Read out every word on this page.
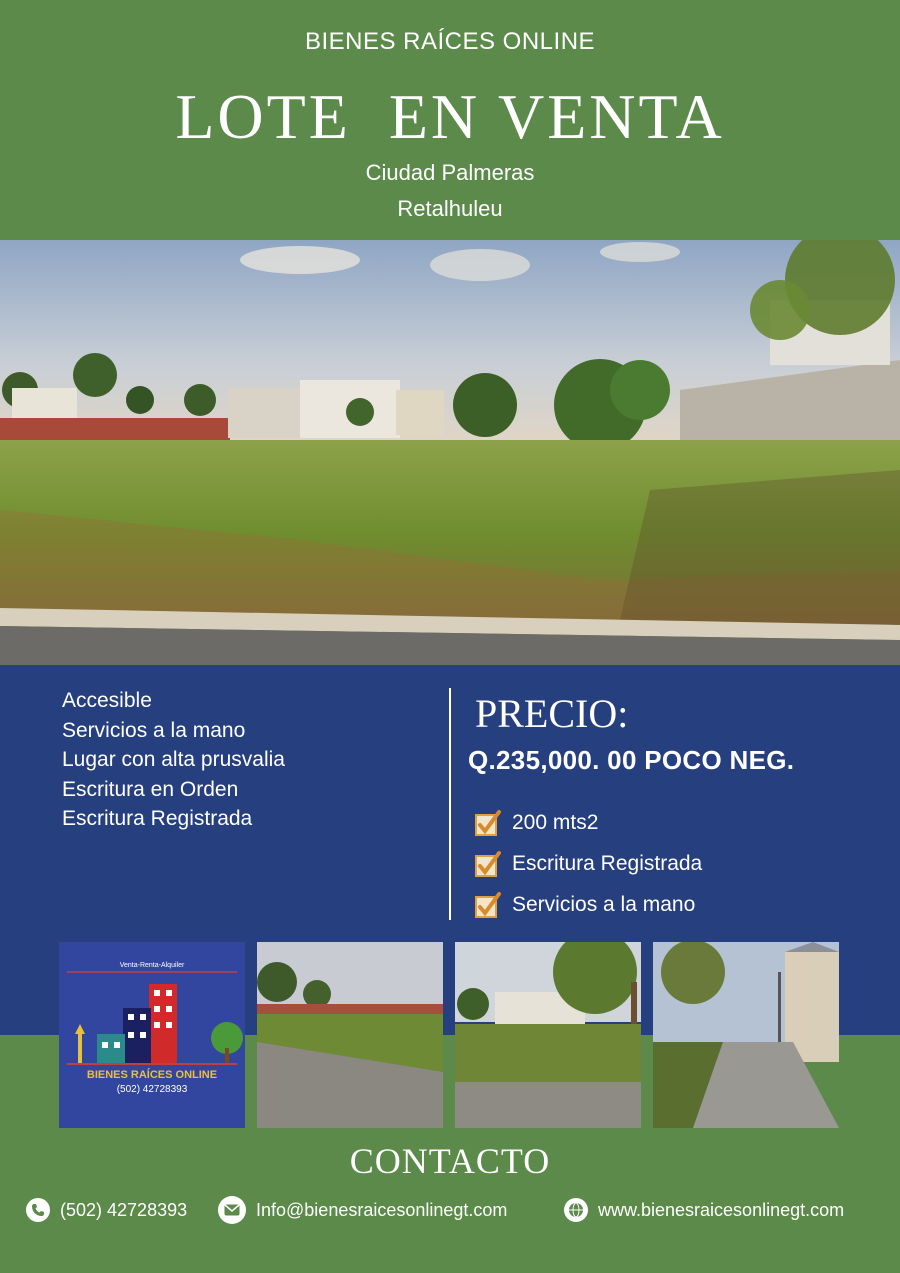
BIENES RAÍCES ONLINE
LOTE  EN VENTA
Ciudad Palmeras
Retalhuleu
Accesible
Servicios a la mano
Lugar con alta prusvalia
Escritura en Orden
Escritura Registrada
PRECIO:
Q.235,000. 00 POCO NEG.
200 mts2
Escritura Registrada
Servicios a la mano
Venta-Renta-Alquiler
BIENES RAÍCES ONLINE
(502) 42728393
CONTACTO
(502) 42728393	Info@bienesraicesonlinegt.com	www.bienesraicesonlinegt.com
